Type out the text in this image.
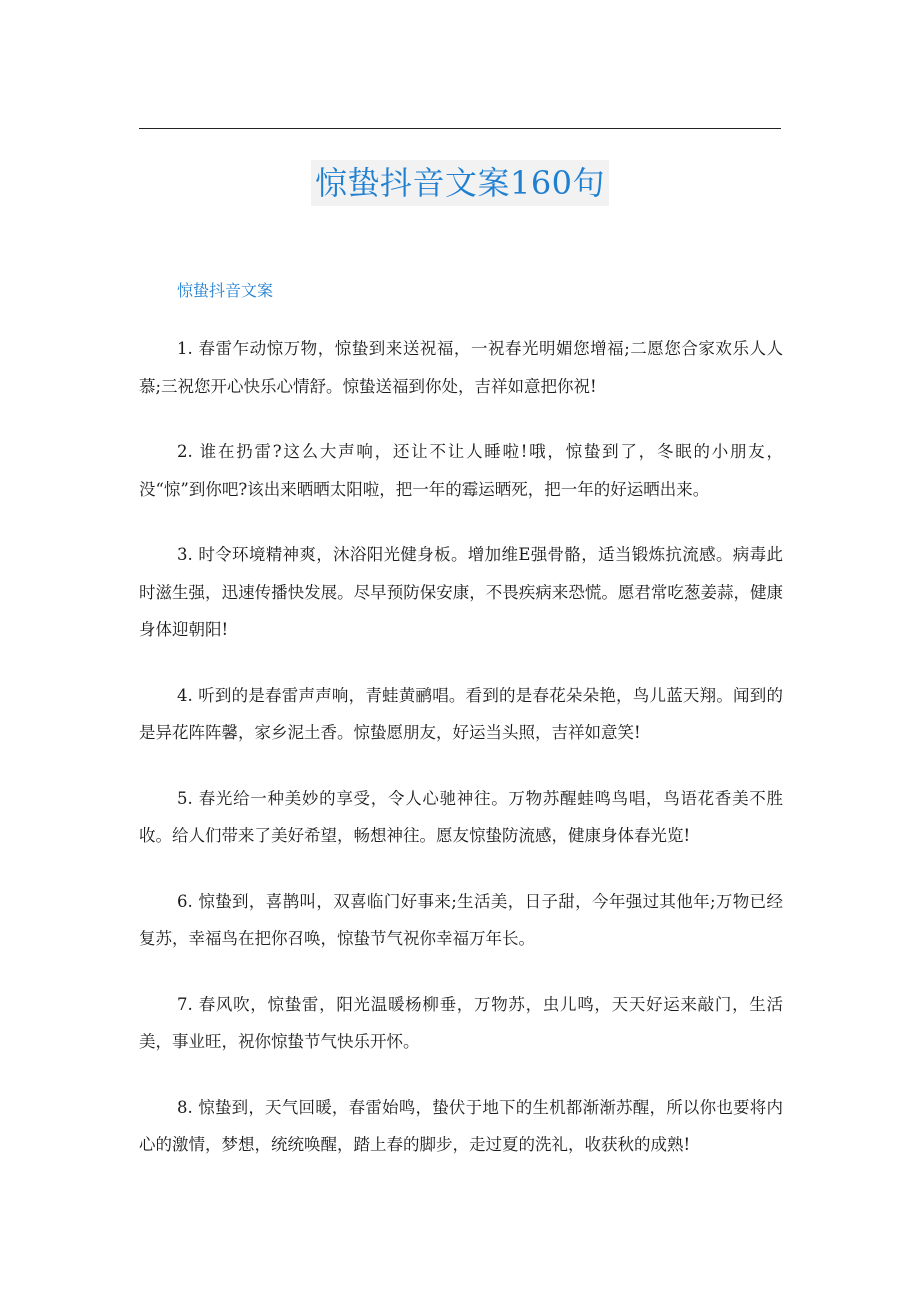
惊蛰抖音文案160句
惊蛰抖音文案

1. 春雷乍动惊万物，惊蛰到来送祝福，一祝春光明媚您增福;二愿您合家欢乐人人慕;三祝您开心快乐心情舒。惊蛰送福到你处，吉祥如意把你祝!

2. 谁在扔雷?这么大声响，还让不让人睡啦!哦，惊蛰到了，冬眠的小朋友，没“惊”到你吧?该出来晒晒太阳啦，把一年的霉运晒死，把一年的好运晒出来。

3. 时令环境精神爽，沐浴阳光健身板。增加维E强骨骼，适当锻炼抗流感。病毒此时滋生强，迅速传播快发展。尽早预防保安康，不畏疾病来恐慌。愿君常吃葱姜蒜，健康身体迎朝阳!

4. 听到的是春雷声声响，青蛙黄鹂唱。看到的是春花朵朵艳，鸟儿蓝天翔。闻到的是异花阵阵馨，家乡泥土香。惊蛰愿朋友，好运当头照，吉祥如意笑!

5. 春光给一种美妙的享受，令人心驰神往。万物苏醒蛙鸣鸟唱，鸟语花香美不胜收。给人们带来了美好希望，畅想神往。愿友惊蛰防流感，健康身体春光览!

6. 惊蛰到，喜鹊叫，双喜临门好事来;生活美，日子甜，今年强过其他年;万物已经复苏，幸福鸟在把你召唤，惊蛰节气祝你幸福万年长。

7. 春风吹，惊蛰雷，阳光温暖杨柳垂，万物苏，虫儿鸣，天天好运来敲门，生活美，事业旺，祝你惊蛰节气快乐开怀。

8. 惊蛰到，天气回暖，春雷始鸣，蛰伏于地下的生机都渐渐苏醒，所以你也要将内心的激情，梦想，统统唤醒，踏上春的脚步，走过夏的洗礼，收获秋的成熟!
